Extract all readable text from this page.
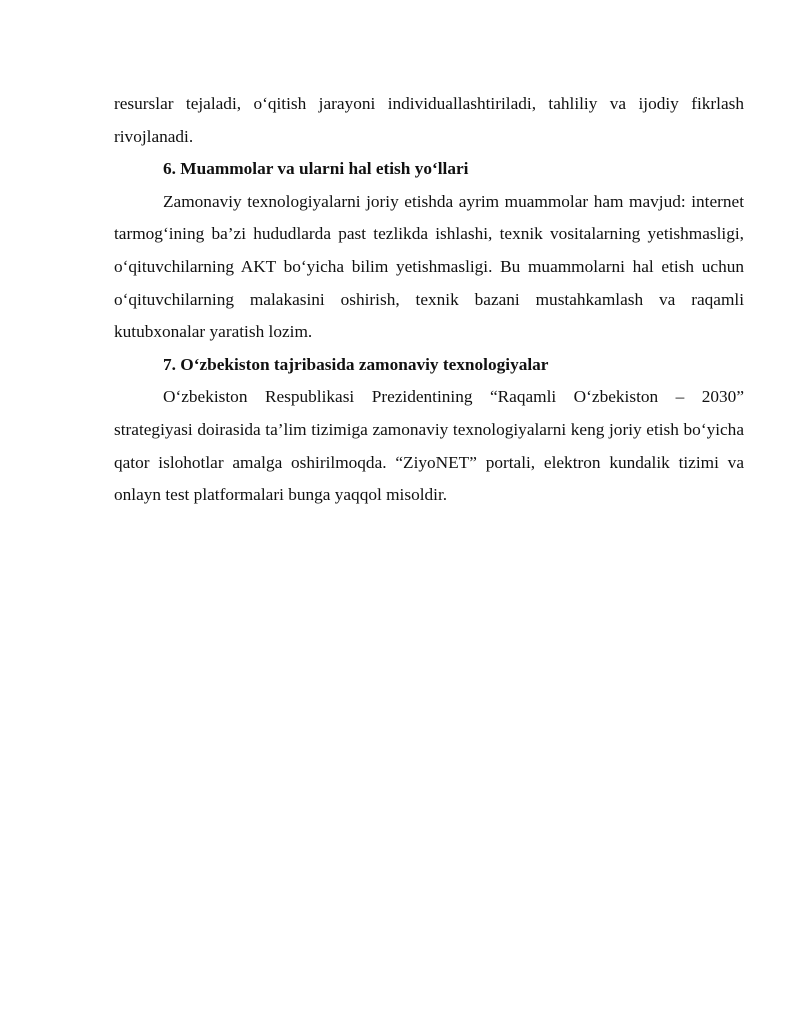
resurslar tejaladi, o‘qitish jarayoni individuallashtiriladi, tahliliy va ijodiy fikrlash rivojlanadi.

6. Muammolar va ularni hal etish yo‘llari

Zamonaviy texnologiyalarni joriy etishda ayrim muammolar ham mavjud: internet tarmog‘ining ba’zi hududlarda past tezlikda ishlashi, texnik vositalarning yetishmasligi, o‘qituvchilarning AKT bo‘yicha bilim yetishmasligi. Bu muammolarni hal etish uchun o‘qituvchilarning malakasini oshirish, texnik bazani mustahkamlash va raqamli kutubxonalar yaratish lozim.

7. O‘zbekiston tajribasida zamonaviy texnologiyalar

O‘zbekiston Respublikasi Prezidentining “Raqamli O‘zbekiston – 2030” strategiyasi doirasida ta’lim tizimiga zamonaviy texnologiyalarni keng joriy etish bo‘yicha qator islohotlar amalga oshirilmoqda. “ZiyoNET” portali, elektron kundalik tizimi va onlayn test platformalari bunga yaqqol misoldir.
